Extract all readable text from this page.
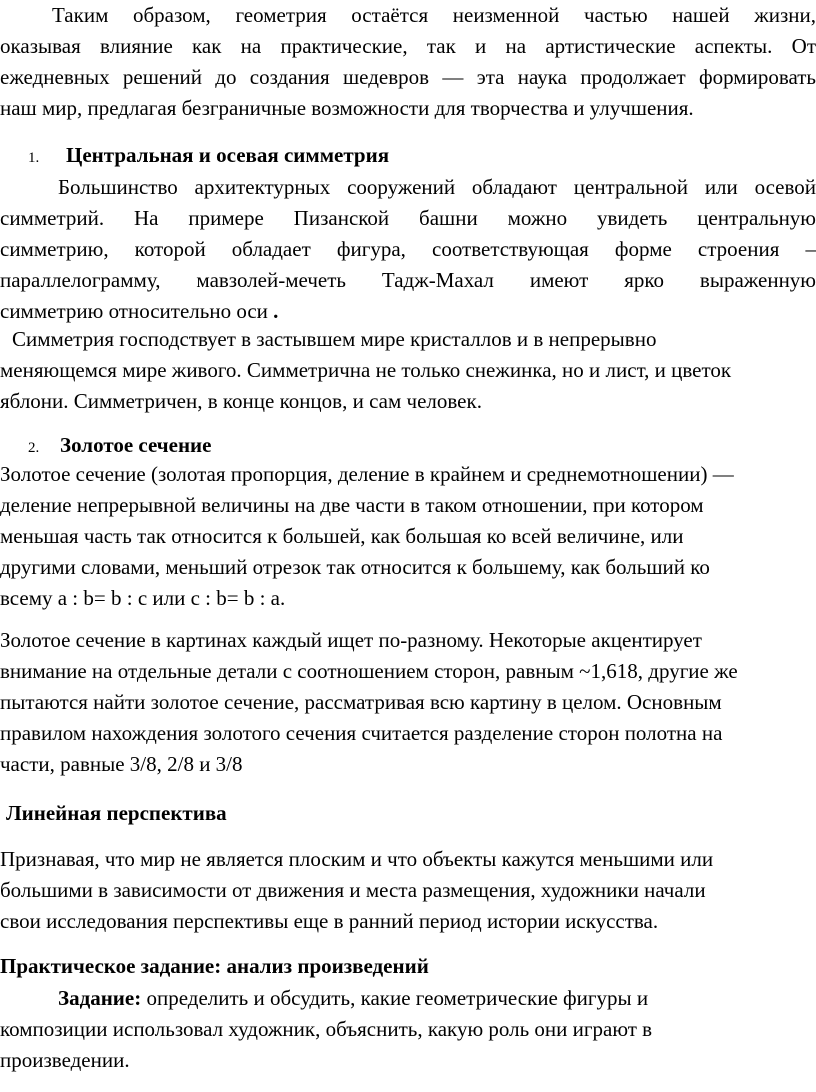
Таким образом, геометрия остаётся неизменной частью нашей жизни,
оказывая влияние как на практические, так и на артистические аспекты. От
ежедневных решений до создания шедевров — эта наука продолжает формировать
наш мир, предлагая безграничные возможности для творчества и улучшения.
1. Центральная и осевая симметрия
Большинство архитектурных сооружений обладают центральной или осевой
симметрий. На примере Пизанской башни можно увидеть центральную
симметрию, которой обладает фигура, соответствующая форме строения –
параллелограмму, мавзолей-мечеть Тадж-Махал имеют ярко выраженную
симметрию относительно оси .
Симметрия господствует в застывшем мире кристаллов и в непрерывно
меняющемся мире живого. Симметрична не только снежинка, но и лист, и цветок
яблони. Симметричен, в конце концов, и сам человек.
2. Золотое сечение
Золотое сечение (золотая пропорция, деление в крайнем и среднемотношении) —
деление непрерывной величины на две части в таком отношении, при котором
меньшая часть так относится к большей, как большая ко всей величине, или
другими словами, меньший отрезок так относится к большему, как больший ко
всему a : b= b : c или c : b= b : a.
Золотое сечение в картинах каждый ищет по-разному. Некоторые акцентирует
внимание на отдельные детали с соотношением сторон, равным ~1,618, другие же
пытаются найти золотое сечение, рассматривая всю картину в целом. Основным
правилом нахождения золотого сечения считается разделение сторон полотна на
части, равные 3/8, 2/8 и 3/8
Линейная перспектива
Признавая, что мир не является плоским и что объекты кажутся меньшими или
большими в зависимости от движения и места размещения, художники начали
свои исследования перспективы еще в ранний период истории искусства.
Практическое задание: анализ произведений
Задание: определить и обсудить, какие геометрические фигуры и
композиции использовал художник, объяснить, какую роль они играют в
произведении.
